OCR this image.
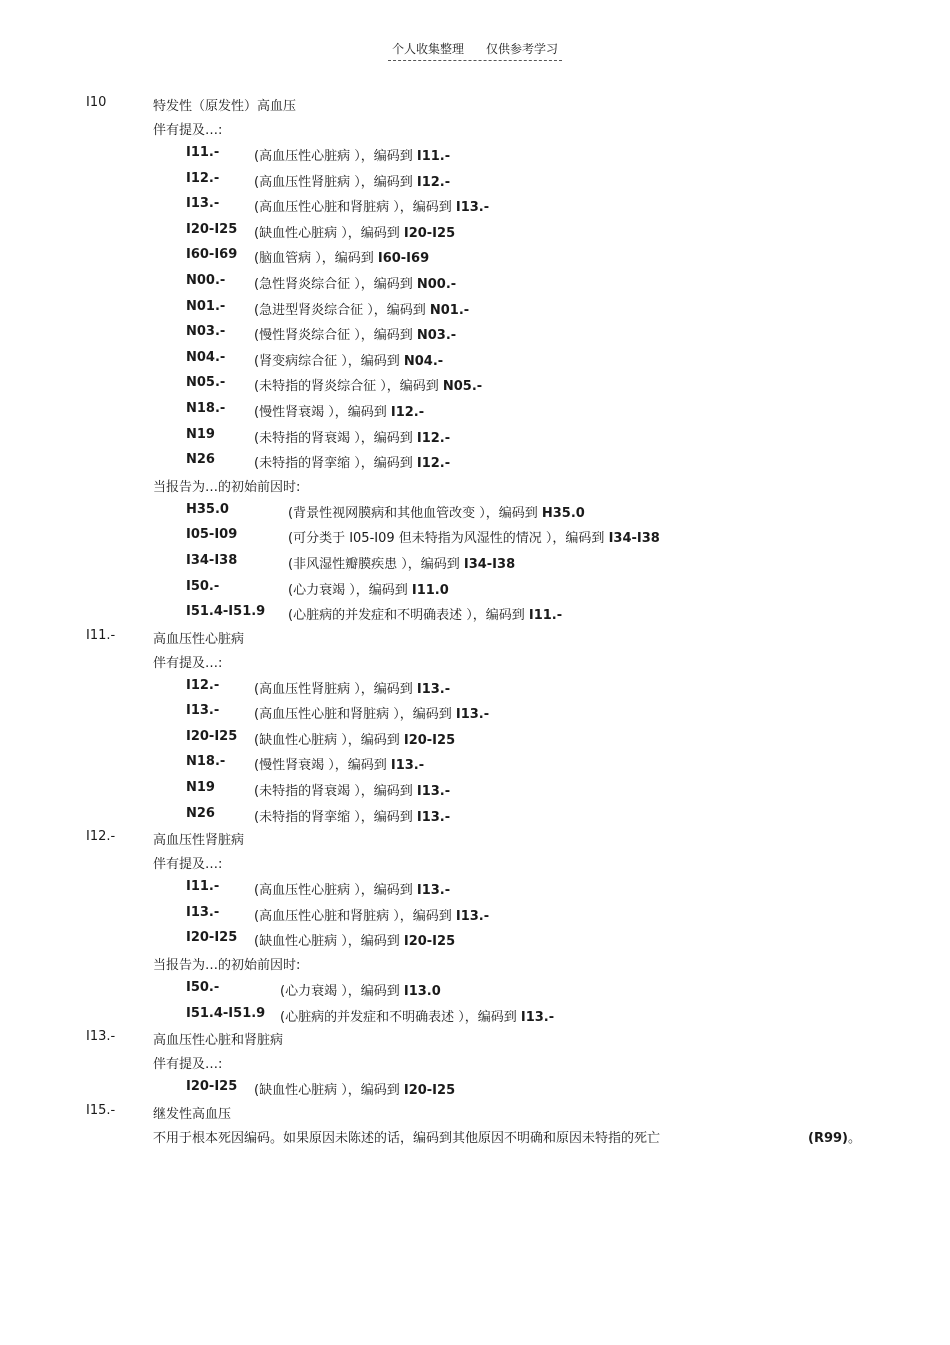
个人收集整理 仅供参考学习
I10	特发性（原发性）高血压
伴有提及…:
I11.-	(高血压性心脏病 ），编码到 I11.-
I12.-	(高血压性肾脏病 ），编码到 I12.-
I13.-	(高血压性心脏和肾脏病 ），编码到 I13.-
I20-I25 (缺血性心脏病 ），编码到 I20-I25
I60-I69 (脑血管病 ），编码到 I60-I69
N00.- (急性肾炎综合征 ），编码到 N00.-
N01.- (急进型肾炎综合征 ），编码到 N01.-
N03.- (慢性肾炎综合征 ），编码到 N03.-
N04.- (肾变病综合征 ），编码到 N04.-
N05.- (未特指的肾炎综合征 ），编码到 N05.-
N18.- (慢性肾衰竭 ），编码到 I12.-
N19	(未特指的肾衰竭 ），编码到 I12.-
N26	(未特指的肾挛缩 ），编码到 I12.-
当报告为…的初始前因时:
H35.0	(背景性视网膜病和其他血管改变 ），编码到 H35.0
I05-I09	(可分类于 I05-I09 但未特指为风湿性的情况 ），编码到 I34-I38
I34-I38	(非风湿性瓣膜疾患 ），编码到 I34-I38
I50.-	(心力衰竭 ），编码到 I11.0
I51.4-I51.9 (心脏病的并发症和不明确表述 ），编码到 I11.-
I11.-	高血压性心脏病
伴有提及…:
I12.-	(高血压性肾脏病 ），编码到 I13.-
I13.-	(高血压性心脏和肾脏病 ），编码到 I13.-
I20-I25 (缺血性心脏病 ），编码到 I20-I25
N18.- (慢性肾衰竭 ），编码到 I13.-
N19	(未特指的肾衰竭 ），编码到 I13.-
N26	(未特指的肾挛缩 ），编码到 I13.-
I12.-	高血压性肾脏病
伴有提及…:
I11.-	(高血压性心脏病 ），编码到 I13.-
I13.-	(高血压性心脏和肾脏病 ），编码到 I13.-
I20-I25 (缺血性心脏病 ），编码到 I20-I25
当报告为…的初始前因时:
I50.-	(心力衰竭 ），编码到 I13.0
I51.4-I51.9 (心脏病的并发症和不明确表述 ），编码到 I13.-
I13.-	高血压性心脏和肾脏病
伴有提及…:
I20-I25 (缺血性心脏病 ），编码到 I20-I25
I15.-	继发性高血压
不用于根本死因编码。如果原因未陈述的话，编码到其他原因不明确和原因未特指的死亡	(R99)。
